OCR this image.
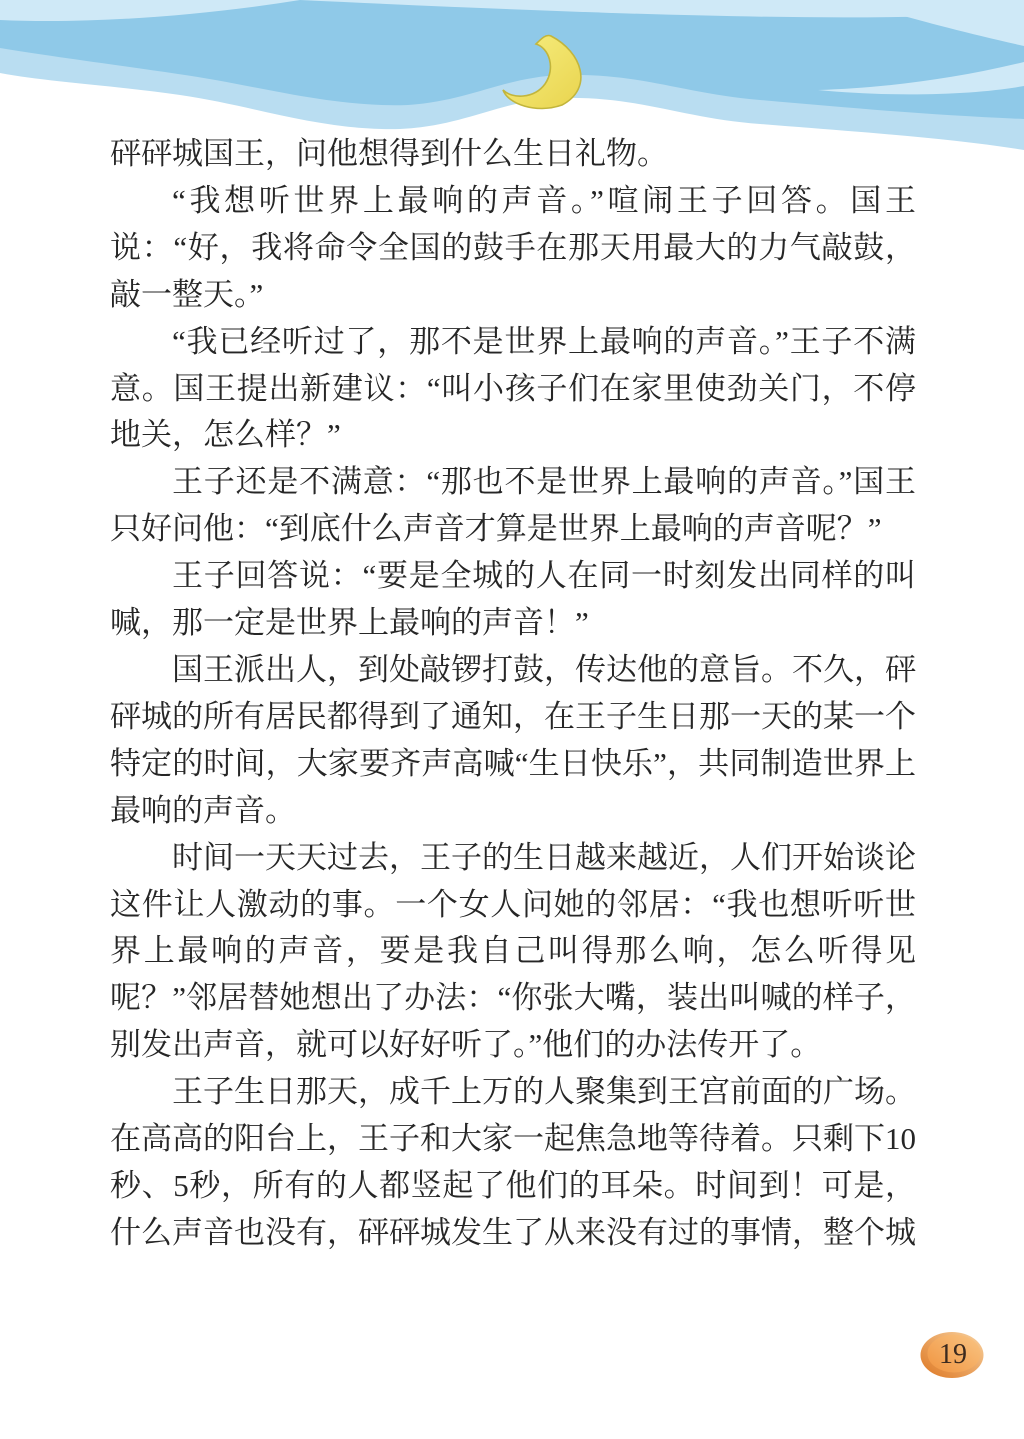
砰砰城国王，问他想得到什么生日礼物。

“我想听世界上最响的声音。”喧闹王子回答。国王说：“好，我将命令全国的鼓手在那天用最大的力气敲鼓，敲一整天。”

“我已经听过了，那不是世界上最响的声音。”王子不满意。国王提出新建议：“叫小孩子们在家里使劲关门，不停地关，怎么样？”

王子还是不满意：“那也不是世界上最响的声音。”国王只好问他：“到底什么声音才算是世界上最响的声音呢？”

王子回答说：“要是全城的人在同一时刻发出同样的叫喊，那一定是世界上最响的声音！”

国王派出人，到处敲锣打鼓，传达他的意旨。不久，砰砰城的所有居民都得到了通知，在王子生日那一天的某一个特定的时间，大家要齐声高喊“生日快乐”，共同制造世界上最响的声音。

时间一天天过去，王子的生日越来越近，人们开始谈论这件让人激动的事。一个女人问她的邻居：“我也想听听世界上最响的声音，要是我自己叫得那么响，怎么听得见呢？”邻居替她想出了办法：“你张大嘴，装出叫喊的样子，别发出声音，就可以好好听了。”他们的办法传开了。

王子生日那天，成千上万的人聚集到王宫前面的广场。在高高的阳台上，王子和大家一起焦急地等待着。只剩下10秒、5秒，所有的人都竖起了他们的耳朵。时间到！可是，什么声音也没有，砰砰城发生了从来没有过的事情，整个城

19
